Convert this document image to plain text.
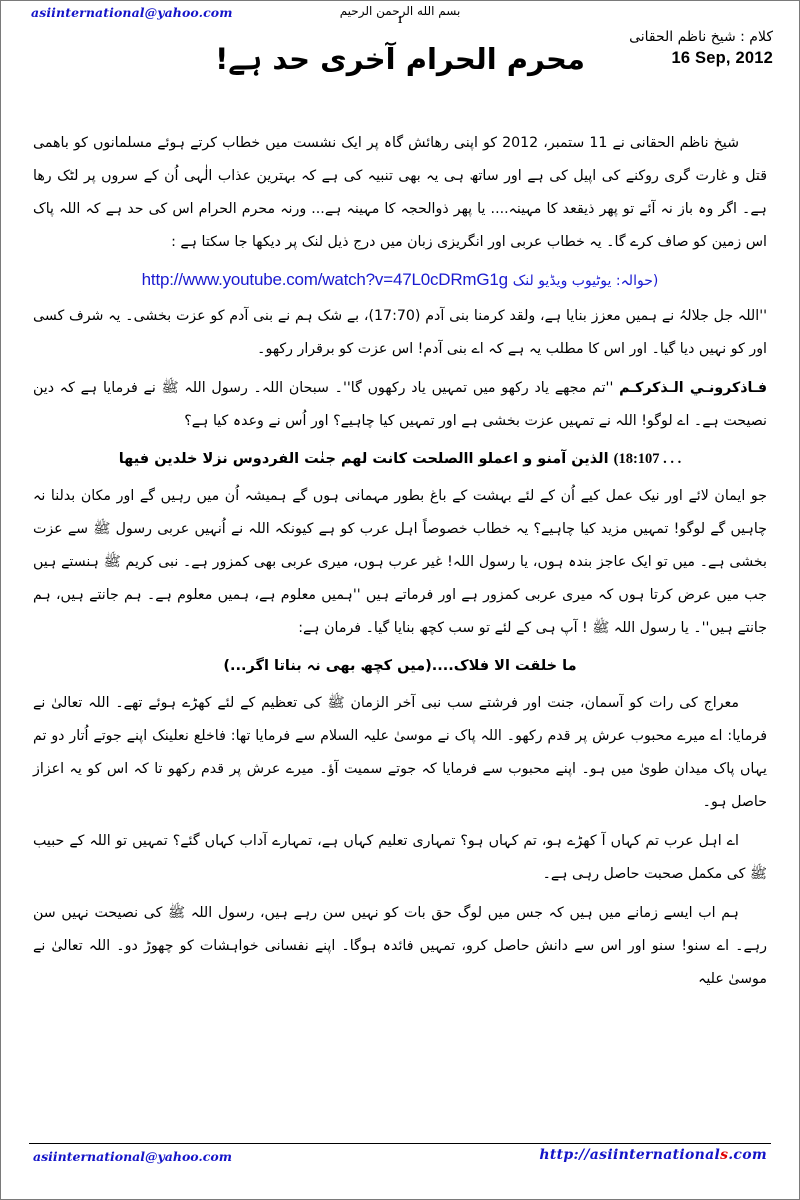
asiinternational@yahoo.com	بسم الله الرحمن الرحيم
1
كلام : شيخ ناظم الحقانى
16 Sep, 2012
محرم الحرام آخری حد ہے!

شیخ ناظم الحقانی نے 11 ستمبر، 2012 کو اپنی رھائش گاہ پر ایک نشست میں خطاب کرتے ہوئے مسلمانوں کو باھمی قتل و غارت گری روکنے کی اپیل کی ہے اور ساتھ ہی یہ بھی تنبیہ کی ہے کہ بہترین عذاب الٰہی اُن کے سروں پر لٹک رھا ہے۔ اگر وہ باز نہ آئے تو پھر ذیقعد کا مہینہ.... یا پھر ذوالحجہ کا مہینہ ہے... ورنہ محرم الحرام اس کی حد ہے کہ اللہ پاک اس زمین کو صاف کرے گا۔ یہ خطاب عربی اور انگریزی زبان میں درج ذیل لنک پر دیکھا جا سکتا ہے :

(حوالہ: یوٹیوب ویڈیو لنک http://www.youtube.com/watch?v=47L0cDRmG1g

''اللہ جل جلالہُ نے ہمیں معزز بنایا ہے، ولقد کرمنا بنی آدم (17:70)، بے شک ہم نے بنی آدم کو عزت بخشی۔ یہ شرف کسی اور کو نہیں دیا گیا۔ اور اس کا مطلب یہ ہے کہ اے بنی آدم! اس عزت کو برقرار رکھو۔

فـاذكرونـي الـذكركـم ''تم مجھے یاد رکھو میں تمہیں یاد رکھوں گا''۔ سبحان اللہ۔ رسول اللہ ﷺ نے فرمایا ہے کہ دین نصیحت ہے۔ اے لوگو! اللہ نے تمہیں عزت بخشی ہے اور تمہیں کیا چاہیے؟ اور اُس نے وعدہ کیا ہے؟

(18:107 . . . الذين آمنو و اعملو االصلحت كانت لهم جنٰت الفردوس نزلا خلدين فيها

جو ایمان لائے اور نیک عمل کیے اُن کے لئے بہشت کے باغ بطور مہمانی ہوں گے ہمیشہ اُن میں رہیں گے اور مکان بدلنا نہ چاہیں گے لوگو! تمہیں مزید کیا چاہیے؟ یہ خطاب خصوصاً اہل عرب کو ہے کیونکہ اللہ نے اُنہیں عربی رسول ﷺ سے عزت بخشی ہے۔ میں تو ایک عاجز بندہ ہوں، یا رسول اللہ! غیر عرب ہوں، میری عربی بھی کمزور ہے۔ نبی کریم ﷺ ہنستے ہیں جب میں عرض کرتا ہوں کہ میری عربی کمزور ہے اور فرماتے ہیں ''ہمیں معلوم ہے، ہمیں معلوم ہے۔ ہم جانتے ہیں، ہم جانتے ہیں''۔ یا رسول اللہ ﷺ ! آپ ہی کے لئے تو سب کچھ بنایا گیا۔ فرمان ہے:

ما خلقت الا فلاک....(میں کچھ بھی نہ بناتا اگر...)

معراج کی رات کو آسمان، جنت اور فرشتے سب نبی آخر الزمان ﷺ کی تعظیم کے لئے کھڑے ہوئے تھے۔ اللہ تعالیٰ نے فرمایا: اے میرے محبوب عرش پر قدم رکھو۔ اللہ پاک نے موسیٰ علیہ السلام سے فرمایا تھا: فاخلع نعلینک اپنے جوتے اُتار دو تم یہاں پاک میدان طویٰ میں ہو۔ اپنے محبوب سے فرمایا کہ جوتے سمیت آؤ۔ میرے عرش پر قدم رکھو تا کہ اس کو یہ اعزاز حاصل ہو۔

اے اہل عرب تم کہاں آ کھڑے ہو، تم کہاں ہو؟ تمہاری تعلیم کہاں ہے، تمہارے آداب کہاں گئے؟ تمہیں تو اللہ کے حبیب ﷺ کی مکمل صحبت حاصل رہی ہے۔

ہم اب ایسے زمانے میں ہیں کہ جس میں لوگ حق بات کو نہیں سن رہے ہیں، رسول اللہ ﷺ کی نصیحت نہیں سن رہے۔ اے سنو! سنو اور اس سے دانش حاصل کرو، تمہیں فائدہ ہوگا۔ اپنے نفسانی خواہشات کو چھوڑ دو۔ اللہ تعالیٰ نے موسیٰ علیہ

asiinternational@yahoo.com	http://asiinternationals.com
